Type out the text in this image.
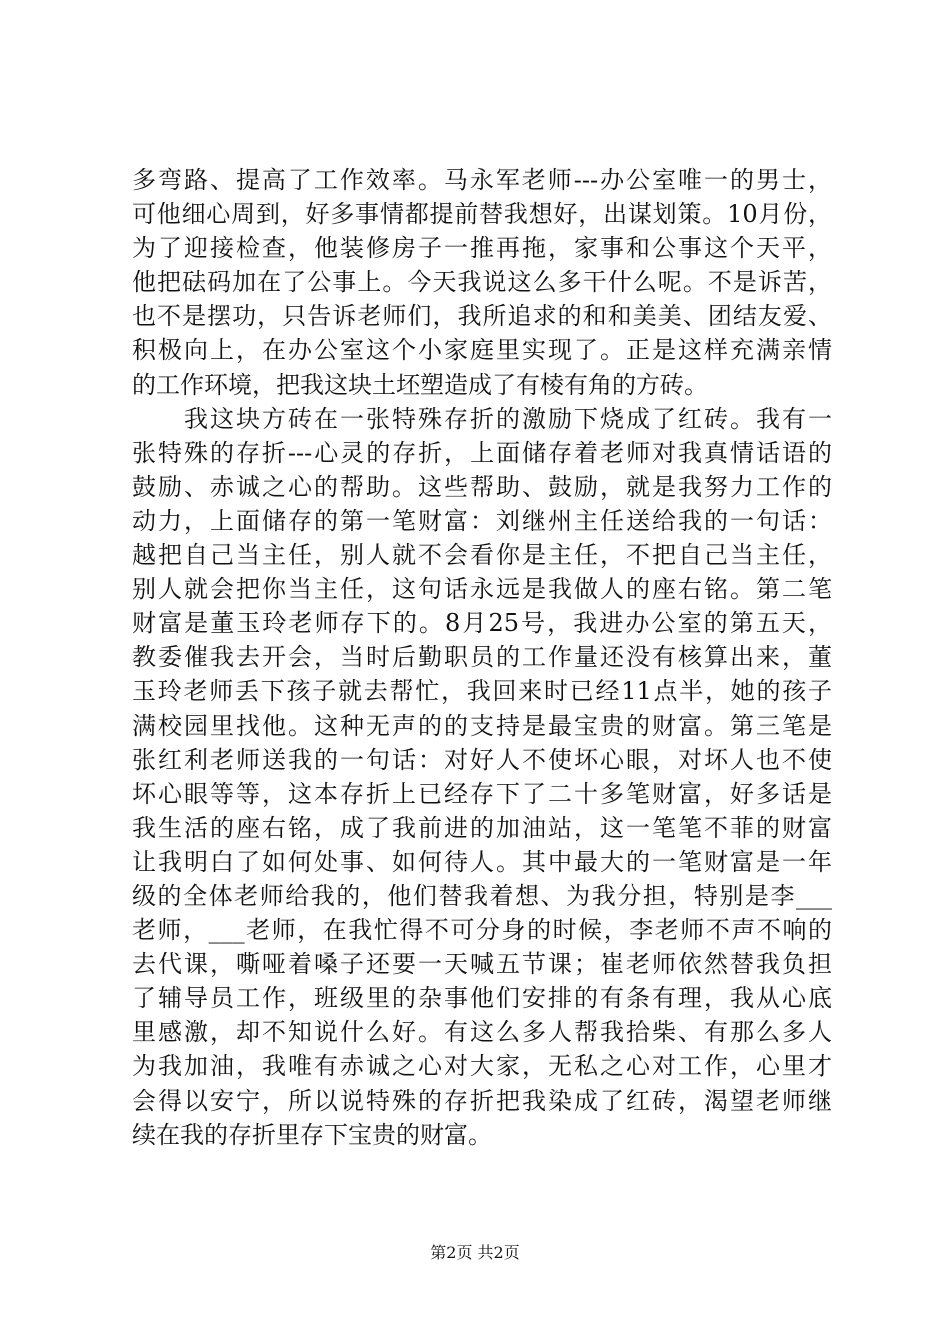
多弯路、提高了工作效率。马永军老师---办公室唯一的男士，
可他细心周到，好多事情都提前替我想好，出谋划策。10月份，
为了迎接检查，他装修房子一推再拖，家事和公事这个天平，
他把砝码加在了公事上。今天我说这么多干什么呢。不是诉苦，
也不是摆功，只告诉老师们，我所追求的和和美美、团结友爱、
积极向上，在办公室这个小家庭里实现了。正是这样充满亲情
的工作环境，把我这块土坯塑造成了有棱有角的方砖。
　　我这块方砖在一张特殊存折的激励下烧成了红砖。我有一
张特殊的存折---心灵的存折，上面储存着老师对我真情话语的
鼓励、赤诚之心的帮助。这些帮助、鼓励，就是我努力工作的
动力，上面储存的第一笔财富：刘继州主任送给我的一句话：
越把自己当主任，别人就不会看你是主任，不把自己当主任，
别人就会把你当主任，这句话永远是我做人的座右铭。第二笔
财富是董玉玲老师存下的。8月25号，我进办公室的第五天，
教委催我去开会，当时后勤职员的工作量还没有核算出来，董
玉玲老师丢下孩子就去帮忙，我回来时已经11点半，她的孩子
满校园里找他。这种无声的的支持是最宝贵的财富。第三笔是
张红利老师送我的一句话：对好人不使坏心眼，对坏人也不使
坏心眼等等，这本存折上已经存下了二十多笔财富，好多话是
我生活的座右铭，成了我前进的加油站，这一笔笔不菲的财富
让我明白了如何处事、如何待人。其中最大的一笔财富是一年
级的全体老师给我的，他们替我着想、为我分担，特别是李___
老师，___老师，在我忙得不可分身的时候，李老师不声不响的
去代课，嘶哑着嗓子还要一天喊五节课；崔老师依然替我负担
了辅导员工作，班级里的杂事他们安排的有条有理，我从心底
里感激，却不知说什么好。有这么多人帮我拾柴、有那么多人
为我加油，我唯有赤诚之心对大家，无私之心对工作，心里才
会得以安宁，所以说特殊的存折把我染成了红砖，渴望老师继
续在我的存折里存下宝贵的财富。
第2页 共2页
